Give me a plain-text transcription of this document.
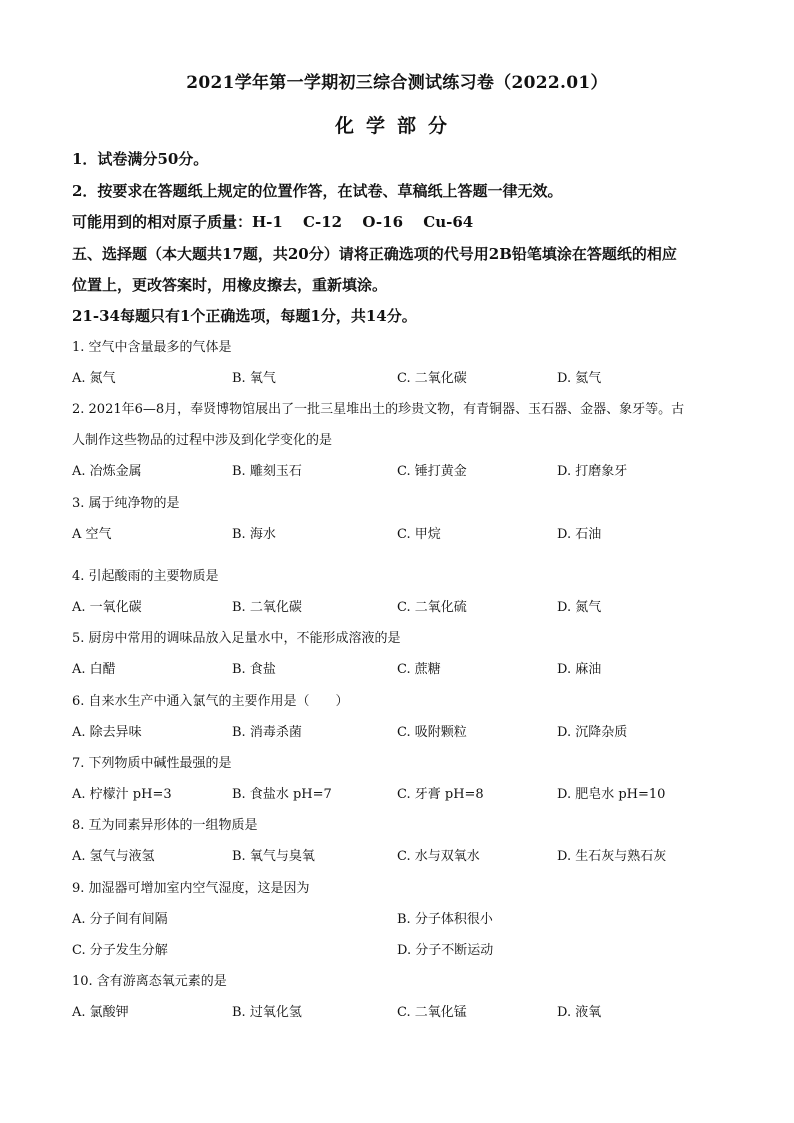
2021学年第一学期初三综合测试练习卷（2022.01）
化学部分
1．试卷满分50分。
2．按要求在答题纸上规定的位置作答，在试卷、草稿纸上答题一律无效。
可能用到的相对原子质量：H-1　 C-12　 O-16　 Cu-64
五、选择题（本大题共17题，共20分）请将正确选项的代号用2B铅笔填涂在答题纸的相应
位置上，更改答案时，用橡皮擦去，重新填涂。
21-34每题只有1个正确选项，每题1分，共14分。
1. 空气中含量最多的气体是
A. 氮气	B. 氧气	C. 二氧化碳	D. 氦气
2. 2021年6—8月，奉贤博物馆展出了一批三星堆出土的珍贵文物，有青铜器、玉石器、金器、象牙等。古
人制作这些物品的过程中涉及到化学变化的是
A. 冶炼金属	B. 雕刻玉石	C. 锤打黄金	D. 打磨象牙
3. 属于纯净物的是
A 空气	B. 海水	C. 甲烷	D. 石油
4. 引起酸雨的主要物质是
A. 一氧化碳	B. 二氧化碳	C. 二氧化硫	D. 氮气
5. 厨房中常用的调味品放入足量水中，不能形成溶液的是
A. 白醋	B. 食盐	C. 蔗糖	D. 麻油
6. 自来水生产中通入氯气的主要作用是（　　）
A. 除去异味	B. 消毒杀菌	C. 吸附颗粒	D. 沉降杂质
7. 下列物质中碱性最强的是
A. 柠檬汁 pH=3	B. 食盐水 pH=7	C. 牙膏 pH=8	D. 肥皂水 pH=10
8. 互为同素异形体的一组物质是
A. 氢气与液氢	B. 氧气与臭氧	C. 水与双氧水	D. 生石灰与熟石灰
9. 加湿器可增加室内空气湿度，这是因为
A. 分子间有间隔	B. 分子体积很小
C. 分子发生分解	D. 分子不断运动
10. 含有游离态氧元素的是
A. 氯酸钾	B. 过氧化氢	C. 二氧化锰	D. 液氧
